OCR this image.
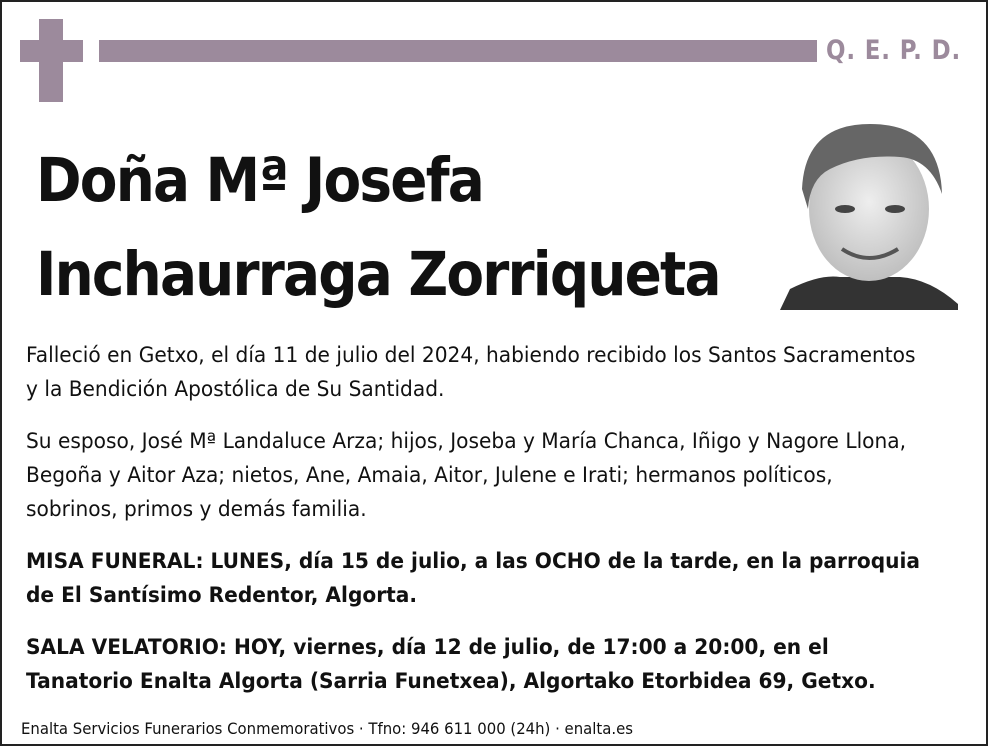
Q. E. P. D.
Doña Mª Josefa
Inchaurraga Zorriqueta

Falleció en Getxo, el día 11 de julio del 2024, habiendo recibido los Santos Sacramentos y la Bendición Apostólica de Su Santidad.

Su esposo, José Mª Landaluce Arza; hijos, Joseba y María Chanca, Iñigo y Nagore Llona, Begoña y Aitor Aza; nietos, Ane, Amaia, Aitor, Julene e Irati; hermanos políticos, sobrinos, primos y demás familia.

MISA FUNERAL: LUNES, día 15 de julio, a las OCHO de la tarde, en la parroquia de El Santísimo Redentor, Algorta.

SALA VELATORIO: HOY, viernes, día 12 de julio, de 17:00 a 20:00, en el Tanatorio Enalta Algorta (Sarria Funetxea), Algortako Etorbidea 69, Getxo.

Enalta Servicios Funerarios Conmemorativos · Tfno: 946 611 000 (24h) · enalta.es
